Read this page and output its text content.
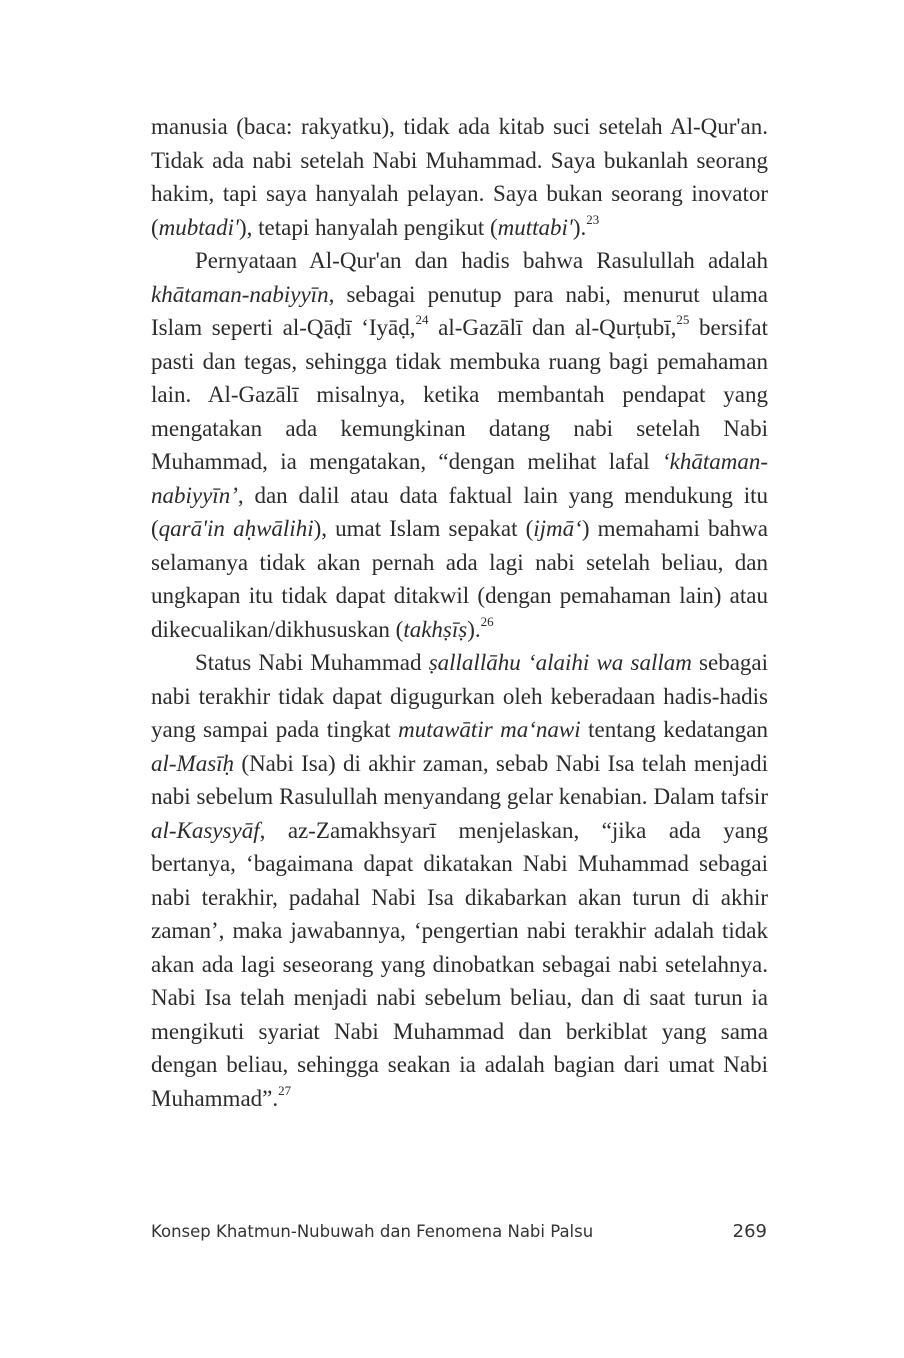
manusia (baca: rakyatku), tidak ada kitab suci setelah Al-Qur'an. Tidak ada nabi setelah Nabi Muhammad. Saya bukanlah seorang hakim, tapi saya hanyalah pelayan. Saya bukan seorang inovator (mubtadi'), tetapi hanyalah pengikut (muttabi').$^{23}$

Pernyataan Al-Qur'an dan hadis bahwa Rasulullah adalah khātaman-nabiyyīn, sebagai penutup para nabi, menurut ulama Islam seperti al-Qāḍī ‘Iyāḍ,$^{24}$ al-Gazālī dan al-Qurṭubī,$^{25}$ bersifat pasti dan tegas, sehingga tidak membuka ruang bagi pemahaman lain. Al-Gazālī misalnya, ketika membantah pendapat yang mengatakan ada kemungkinan datang nabi setelah Nabi Muhammad, ia mengatakan, “dengan melihat lafal ‘khātaman-nabiyyīn’, dan dalil atau data faktual lain yang mendukung itu (qarā'in aḥwālihi), umat Islam sepakat (ijmā‘) memahami bahwa selamanya tidak akan pernah ada lagi nabi setelah beliau, dan ungkapan itu tidak dapat ditakwil (dengan pemahaman lain) atau dikecualikan/dikhususkan (takhṣīṣ).$^{26}$

Status Nabi Muhammad ṣallallāhu ‘alaihi wa sallam sebagai nabi terakhir tidak dapat digugurkan oleh keberadaan hadis-hadis yang sampai pada tingkat mutawātir ma‘nawi tentang kedatangan al-Masīḥ (Nabi Isa) di akhir zaman, sebab Nabi Isa telah menjadi nabi sebelum Rasulullah menyandang gelar kenabian. Dalam tafsir al-Kasysyāf, az-Zamakhsyarī menjelaskan, “jika ada yang bertanya, ‘bagaimana dapat dikatakan Nabi Muhammad sebagai nabi terakhir, padahal Nabi Isa dikabarkan akan turun di akhir zaman’, maka jawabannya, ‘pengertian nabi terakhir adalah tidak akan ada lagi seseorang yang dinobatkan sebagai nabi setelahnya. Nabi Isa telah menjadi nabi sebelum beliau, dan di saat turun ia mengikuti syariat Nabi Muhammad dan berkiblat yang sama dengan beliau, sehingga seakan ia adalah bagian dari umat Nabi Muhammad”.$^{27}$

Konsep Khatmun-Nubuwah dan Fenomena Nabi Palsu	269
